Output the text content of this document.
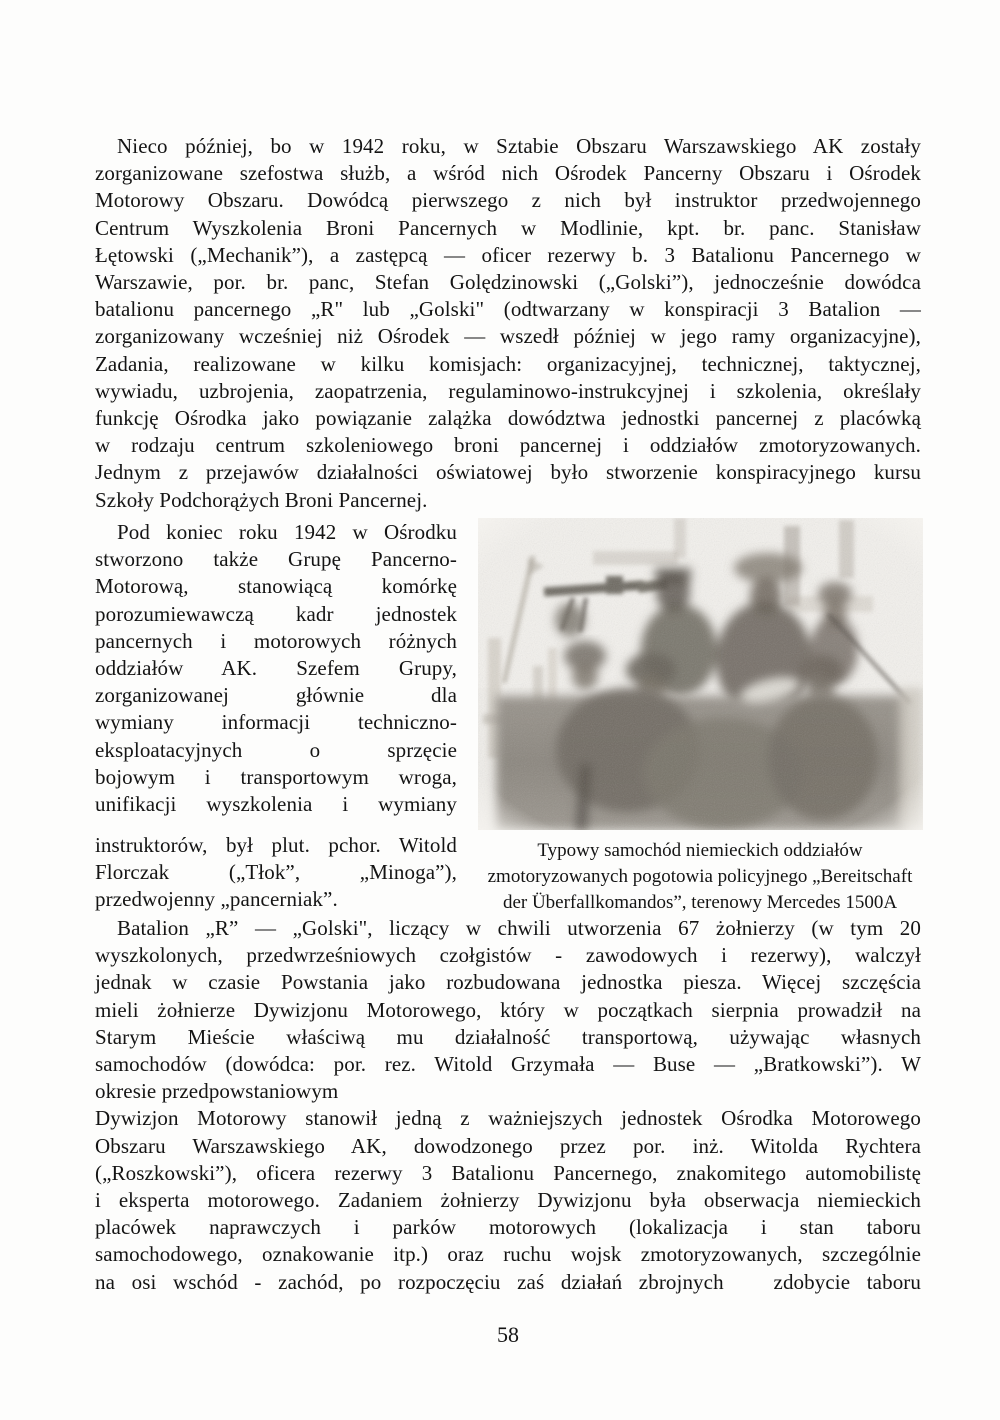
Nieco później, bo w 1942 roku, w Sztabie Obszaru Warszawskiego AK zostały
zorganizowane szefostwa służb, a wśród nich Ośrodek Pancerny Obszaru i Ośrodek
Motorowy Obszaru. Dowódcą pierwszego z nich był instruktor przedwojennego
Centrum Wyszkolenia Broni Pancernych w Modlinie, kpt. br. panc. Stanisław
Łętowski („Mechanik”), a zastępcą — oficer rezerwy b. 3 Batalionu Pancernego w
Warszawie, por. br. panc, Stefan Golędzinowski („Golski”), jednocześnie dowódca
batalionu pancernego „R" lub „Golski" (odtwarzany w konspiracji 3 Batalion —
zorganizowany wcześniej niż Ośrodek — wszedł później w jego ramy organizacyjne),
Zadania, realizowane w kilku komisjach: organizacyjnej, technicznej, taktycznej,
wywiadu, uzbrojenia, zaopatrzenia, regulaminowo-instrukcyjnej i szkolenia, określały
funkcję Ośrodka jako powiązanie zalążka dowództwa jednostki pancernej z placówką
w rodzaju centrum szkoleniowego broni pancernej i oddziałów zmotoryzowanych.
Jednym z przejawów działalności oświatowej było stworzenie konspiracyjnego kursu
Szkoły Podchorążych Broni Pancernej.
Pod koniec roku 1942 w Ośrodku
stworzono także Grupę Pancerno-
Motorową, stanowiącą komórkę
porozumiewawczą kadr jednostek
pancernych i motorowych różnych
oddziałów AK. Szefem Grupy,
zorganizowanej głównie dla
wymiany informacji techniczno-
eksploatacyjnych o sprzęcie
bojowym i transportowym wroga,
unifikacji wyszkolenia i wymiany
instruktorów, był plut. pchor. Witold
Florczak („Tłok”, „Minoga”),
przedwojenny „pancerniak”.
Typowy samochód niemieckich oddziałów
zmotoryzowanych pogotowia policyjnego „Bereitschaft
der Überfallkomandos”, terenowy Mercedes 1500A
Batalion „R” — „Golski", liczący w chwili utworzenia 67 żołnierzy (w tym 20
wyszkolonych, przedwrześniowych czołgistów - zawodowych i rezerwy), walczył
jednak w czasie Powstania jako rozbudowana jednostka piesza. Więcej szczęścia
mieli żołnierze Dywizjonu Motorowego, który w początkach sierpnia prowadził na
Starym Mieście właściwą mu działalność transportową, używając własnych
samochodów (dowódca: por. rez. Witold Grzymała — Buse — „Bratkowski”). W
okresie przedpowstaniowym
Dywizjon Motorowy stanowił jedną z ważniejszych jednostek Ośrodka Motorowego
Obszaru Warszawskiego AK, dowodzonego przez por. inż. Witolda Rychtera
(„Roszkowski”), oficera rezerwy 3 Batalionu Pancernego, znakomitego automobilistę
i eksperta motorowego. Zadaniem żołnierzy Dywizjonu była obserwacja niemieckich
placówek naprawczych i parków motorowych (lokalizacja i stan taboru
samochodowego, oznakowanie itp.) oraz ruchu wojsk zmotoryzowanych, szczególnie
na osi wschód - zachód, po rozpoczęciu zaś działań zbrojnych   zdobycie taboru
58
